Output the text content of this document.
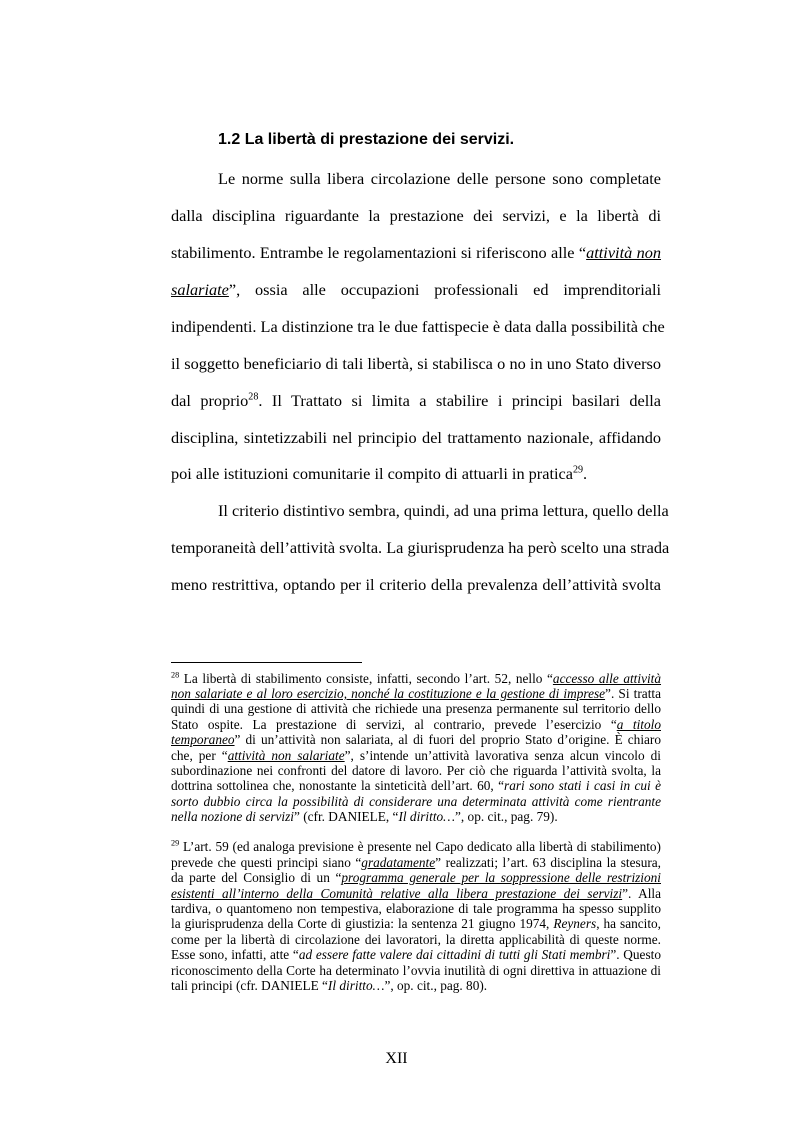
1.2 La libertà di prestazione dei servizi.
Le norme sulla libera circolazione delle persone sono completate
dalla disciplina riguardante la prestazione dei servizi, e la libertà di
stabilimento. Entrambe le regolamentazioni si riferiscono alle “attività non
salariate”, ossia alle occupazioni professionali ed imprenditoriali
indipendenti. La distinzione tra le due fattispecie è data dalla possibilità che
il soggetto beneficiario di tali libertà, si stabilisca o no in uno Stato diverso
dal proprio$^{28}$. Il Trattato si limita a stabilire i principi basilari della
disciplina, sintetizzabili nel principio del trattamento nazionale, affidando
poi alle istituzioni comunitarie il compito di attuarli in pratica$^{29}$.
Il criterio distintivo sembra, quindi, ad una prima lettura, quello della
temporaneità dell’attività svolta. La giurisprudenza ha però scelto una strada
meno restrittiva, optando per il criterio della prevalenza dell’attività svolta
$^{28}$ La libertà di stabilimento consiste, infatti, secondo l’art. 52, nello “accesso alle attività
non salariate e al loro esercizio, nonché la costituzione e la gestione di imprese”. Si tratta
quindi di una gestione di attività che richiede una presenza permanente sul territorio dello
Stato ospite. La prestazione di servizi, al contrario, prevede l’esercizio “a titolo
temporaneo” di un’attività non salariata, al di fuori del proprio Stato d’origine. È chiaro
che, per “attività non salariate”, s’intende un’attività lavorativa senza alcun vincolo di
subordinazione nei confronti del datore di lavoro. Per ciò che riguarda l’attività svolta, la
dottrina sottolinea che, nonostante la sinteticità dell’art. 60, “rari sono stati i casi in cui è
sorto dubbio circa la possibilità di considerare una determinata attività come rientrante
nella nozione di servizi” (cfr. DANIELE, “Il diritto…”, op. cit., pag. 79).
$^{29}$ L’art. 59 (ed analoga previsione è presente nel Capo dedicato alla libertà di stabilimento)
prevede che questi principi siano “gradatamente” realizzati; l’art. 63 disciplina la stesura,
da parte del Consiglio di un “programma generale per la soppressione delle restrizioni
esistenti all’interno della Comunità relative alla libera prestazione dei servizi”. Alla
tardiva, o quantomeno non tempestiva, elaborazione di tale programma ha spesso supplito
la giurisprudenza della Corte di giustizia: la sentenza 21 giugno 1974, Reyners, ha sancito,
come per la libertà di circolazione dei lavoratori, la diretta applicabilità di queste norme.
Esse sono, infatti, atte “ad essere fatte valere dai cittadini di tutti gli Stati membri”. Questo
riconoscimento della Corte ha determinato l’ovvia inutilità di ogni direttiva in attuazione di
tali principi (cfr. DANIELE “Il diritto…”, op. cit., pag. 80).
XII
